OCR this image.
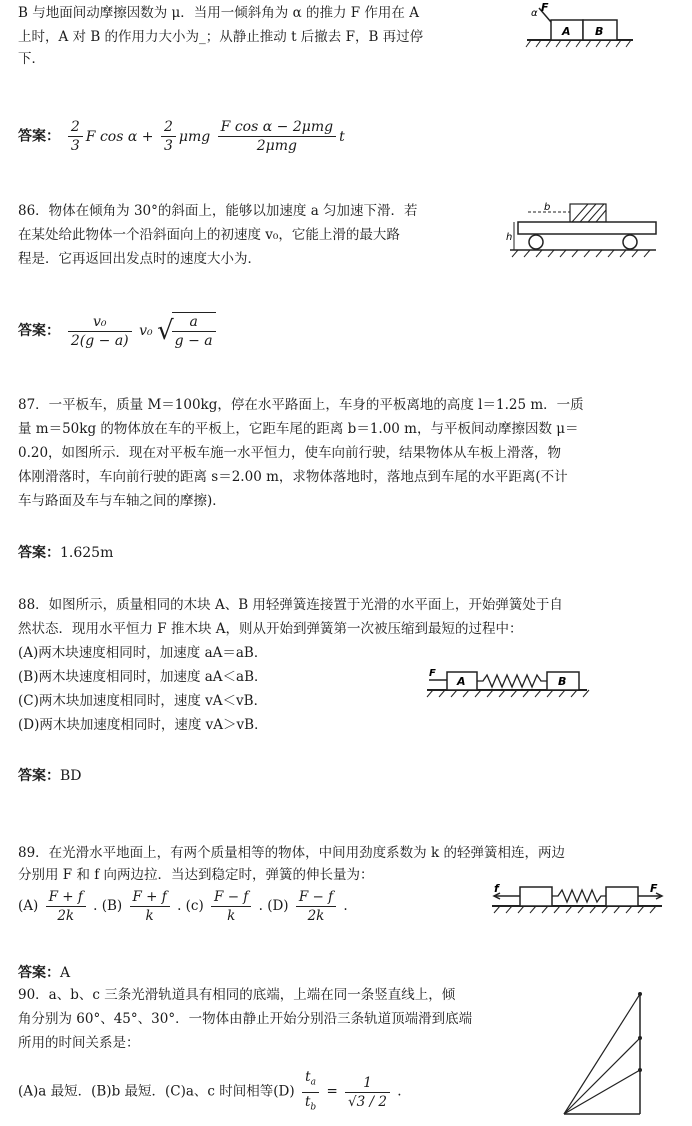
B 与地面间动摩擦因数为 μ．当用一倾斜角为 α 的推力 F 作用在 A
上时，A 对 B 的作用力大小为_；从静止推动 t 后撤去 F，B 再过停
下．
F
α
A B
答案： $\frac{2}{3}$ F $\cos \alpha + \frac{2}{3}$ μmg $\frac{\text{F cos α − 2μmg}}{\text{2μmg}}$ t
86．物体在倾角为 30°的斜面上，能够以加速度 a 匀加速下滑．若
在某处给此物体一个沿斜面向上的初速度 v₀，它能上滑的最大路
程是．它再返回出发点时的速度大小为．
b
h
答案： $\frac{\text{v₀}}{2(g - a)} v_0$ √
$\frac{a}{g - a}$
87．一平板车，质量 M＝100kg，停在水平路面上，车身的平板离地的高度 l＝1.25 m．一质
量 m＝50kg 的物体放在车的平板上，它距车尾的距离 b＝1.00 m，与平板间动摩擦因数 μ＝
0.20，如图所示．现在对平板车施一水平恒力，使车向前行驶，结果物体从车板上滑落，物
体刚滑落时，车向前行驶的距离 s＝2.00 m，求物体落地时，落地点到车尾的水平距离(不计
车与路面及车与车轴之间的摩擦)．
答案：1.625m
88．如图所示，质量相同的木块 A、B 用轻弹簧连接置于光滑的水平面上，开始弹簧处于自
然状态．现用水平恒力 F 推木块 A，则从开始到弹簧第一次被压缩到最短的过程中：
(A)两木块速度相同时，加速度 aA＝aB．
(B)两木块速度相同时，加速度 aA＜aB．
(C)两木块加速度相同时，速度 vA＜vB．
(D)两木块加速度相同时，速度 vA＞vB．
F
A	B
答案：BD
89．在光滑水平地面上，有两个质量相等的物体，中间用劲度系数为 k 的轻弹簧相连，两边
分别用 F 和 f 向两边拉．当达到稳定时，弹簧的伸长量为：
$(A) \frac{F + f}{2k}$ . $(B) \frac{F + f}{k}$ . $(c) \frac{F - f}{k}$ . $(D) \frac{F - f}{2k}$ .
f	F
答案：A
90．a、b、c 三条光滑轨道具有相同的底端，上端在同一条竖直线上，倾
角分别为 60°、45°、30°．一物体由静止开始分别沿三条轨道顶端滑到底端
所用的时间关系是：
(A)a 最短．(B)b 最短．(C)a、c 时间相等$(D) \frac{t_a}{t_b} = \frac{1}{√3 / 2}$ .
